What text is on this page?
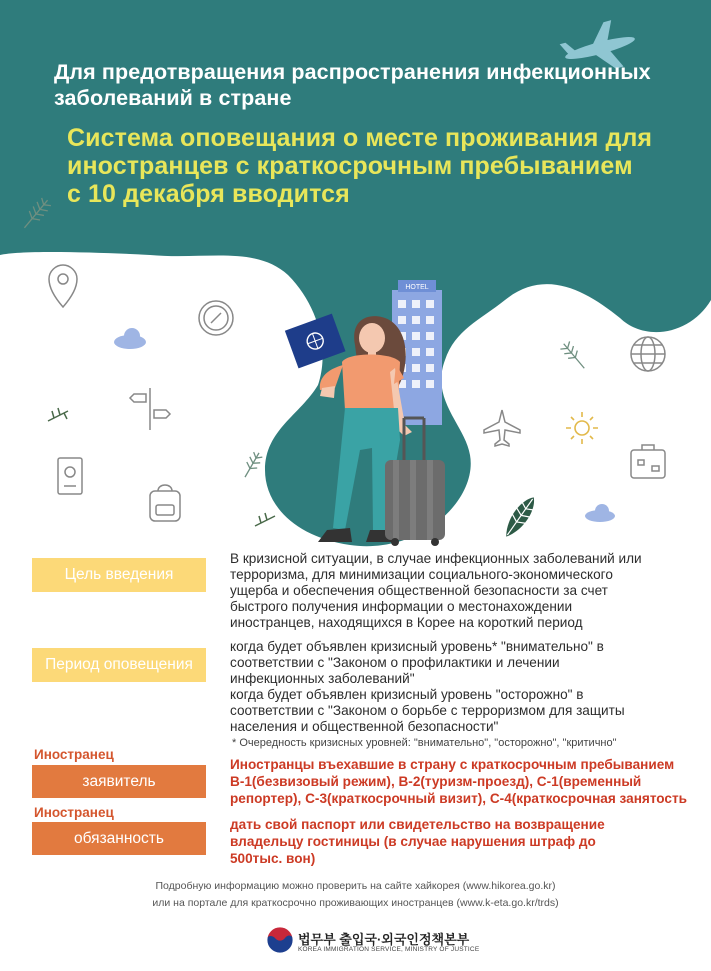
HOTEL
Для предотвращения распространения инфекционных
заболеваний в стране
Система оповещания о месте проживания для
иностранцев с краткосрочным пребыванием
с 10 декабря вводится
Цель введения
В кризисной ситуации, в случае инфекционных заболеваний или
терроризма, для минимизации социального-экономического
ущерба и обеспечения общественной безопасности за счет
быстрого получения информации о местонахождении
иностранцев, находящихся в Корее на короткий период
Период оповещения
когда будет объявлен кризисный уровень* "внимательно" в
соответствии с "Законом о профилактики и лечении
инфекционных заболеваний"
когда будет объявлен кризисный уровень "осторожно" в
соответствии с "Законом о борьбе с терроризмом для защиты
населения и общественной безопасности"
* Очередность кризисных уровней: "внимательно", "осторожно", "критично"
Иностранец
заявитель
Иностранцы въехавшие в страну с краткосрочным пребыванием
B-1(безвизовый режим), B-2(туризм-проезд), C-1(временный
репортер), C-3(краткосрочный визит), C-4(краткосрочная занятость
Иностранец
обязанность
дать свой паспорт или свидетельство на возвращение
владельцу гостиницы (в случае нарушения штраф до
500тыс. вон)
Подробную информацию можно проверить на сайте хайкорея (www.hikorea.go.kr)
или на портале для краткосрочно проживающих иностранцев (www.k-eta.go.kr/trds)
법무부 출입국·외국인정책본부
KOREA IMMIGRATION SERVICE, MINISTRY OF JUSTICE
